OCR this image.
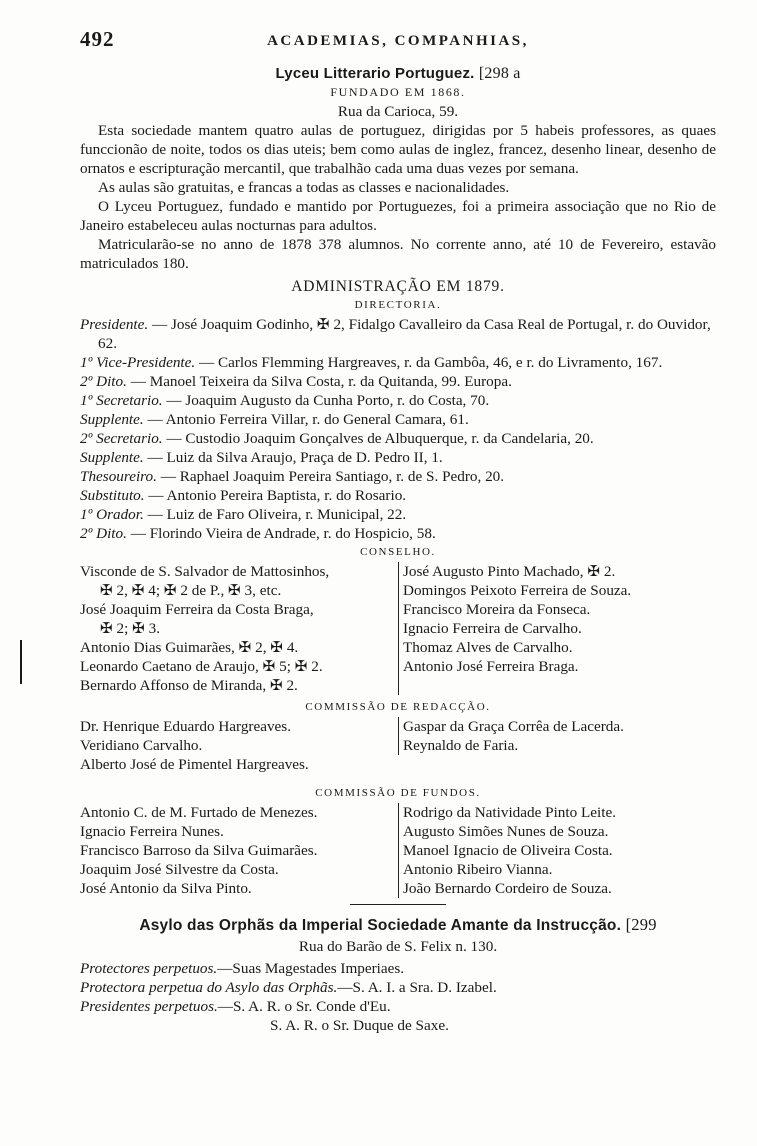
492	ACADEMIAS, COMPANHIAS,
Lyceu Litterario Portuguez. [298 a
FUNDADO EM 1868.
Rua da Carioca, 59.

Esta sociedade mantem quatro aulas de portuguez, dirigidas por 5 habeis professores, as quaes funccionão de noite, todos os dias uteis; bem como aulas de inglez, francez, desenho linear, desenho de ornatos e escripturação mercantil, que trabalhão cada uma duas vezes por semana.

As aulas são gratuitas, e francas a todas as classes e nacionalidades.

O Lyceu Portuguez, fundado e mantido por Portuguezes, foi a primeira associação que no Rio de Janeiro estabeleceu aulas nocturnas para adultos.

Matricularão-se no anno de 1878 378 alumnos. No corrente anno, até 10 de Fevereiro, estavão matriculados 180.

ADMINISTRAÇÃO EM 1879.
DIRECTORIA.
Presidente. — José Joaquim Godinho, ✠ 2, Fidalgo Cavalleiro da Casa Real de Portugal, r. do Ouvidor, 62.
1º Vice-Presidente. — Carlos Flemming Hargreaves, r. da Gambôa, 46, e r. do Livramento, 167.
2º Dito. — Manoel Teixeira da Silva Costa, r. da Quitanda, 99. Europa.
1º Secretario. — Joaquim Augusto da Cunha Porto, r. do Costa, 70.
Supplente. — Antonio Ferreira Villar, r. do General Camara, 61.
2º Secretario. — Custodio Joaquim Gonçalves de Albuquerque, r. da Candelaria, 20.
Supplente. — Luiz da Silva Araujo, Praça de D. Pedro II, 1.
Thesoureiro. — Raphael Joaquim Pereira Santiago, r. de S. Pedro, 20.
Substituto. — Antonio Pereira Baptista, r. do Rosario.
1º Orador. — Luiz de Faro Oliveira, r. Municipal, 22.
2º Dito. — Florindo Vieira de Andrade, r. do Hospicio, 58.
CONSELHO.
Visconde de S. Salvador de Mattosinhos,
✠ 2, ✠ 4; ✠ 2 de P., ✠ 3, etc.
José Joaquim Ferreira da Costa Braga,
✠ 2; ✠ 3.
Antonio Dias Guimarães, ✠ 2, ✠ 4.
Leonardo Caetano de Araujo, ✠ 5; ✠ 2.
Bernardo Affonso de Miranda, ✠ 2.
José Augusto Pinto Machado, ✠ 2.
Domingos Peixoto Ferreira de Souza.
Francisco Moreira da Fonseca.
Ignacio Ferreira de Carvalho.
Thomaz Alves de Carvalho.
Antonio José Ferreira Braga.
COMMISSÃO DE REDACÇÃO.
Dr. Henrique Eduardo Hargreaves.
Veridiano Carvalho.
Alberto José de Pimentel Hargreaves.
Gaspar da Graça Corrêa de Lacerda.
Reynaldo de Faria.
COMMISSÃO DE FUNDOS.
Antonio C. de M. Furtado de Menezes.
Ignacio Ferreira Nunes.
Francisco Barroso da Silva Guimarães.
Joaquim José Silvestre da Costa.
José Antonio da Silva Pinto.
Rodrigo da Natividade Pinto Leite.
Augusto Simões Nunes de Souza.
Manoel Ignacio de Oliveira Costa.
Antonio Ribeiro Vianna.
João Bernardo Cordeiro de Souza.
Asylo das Orphãs da Imperial Sociedade Amante da Instrucção. [299
Rua do Barão de S. Felix n. 130.
Protectores perpetuos.—Suas Magestades Imperiaes.
Protectora perpetua do Asylo das Orphãs.—S. A. I. a Sra. D. Izabel.
Presidentes perpetuos.—S. A. R. o Sr. Conde d'Eu.
S. A. R. o Sr. Duque de Saxe.
